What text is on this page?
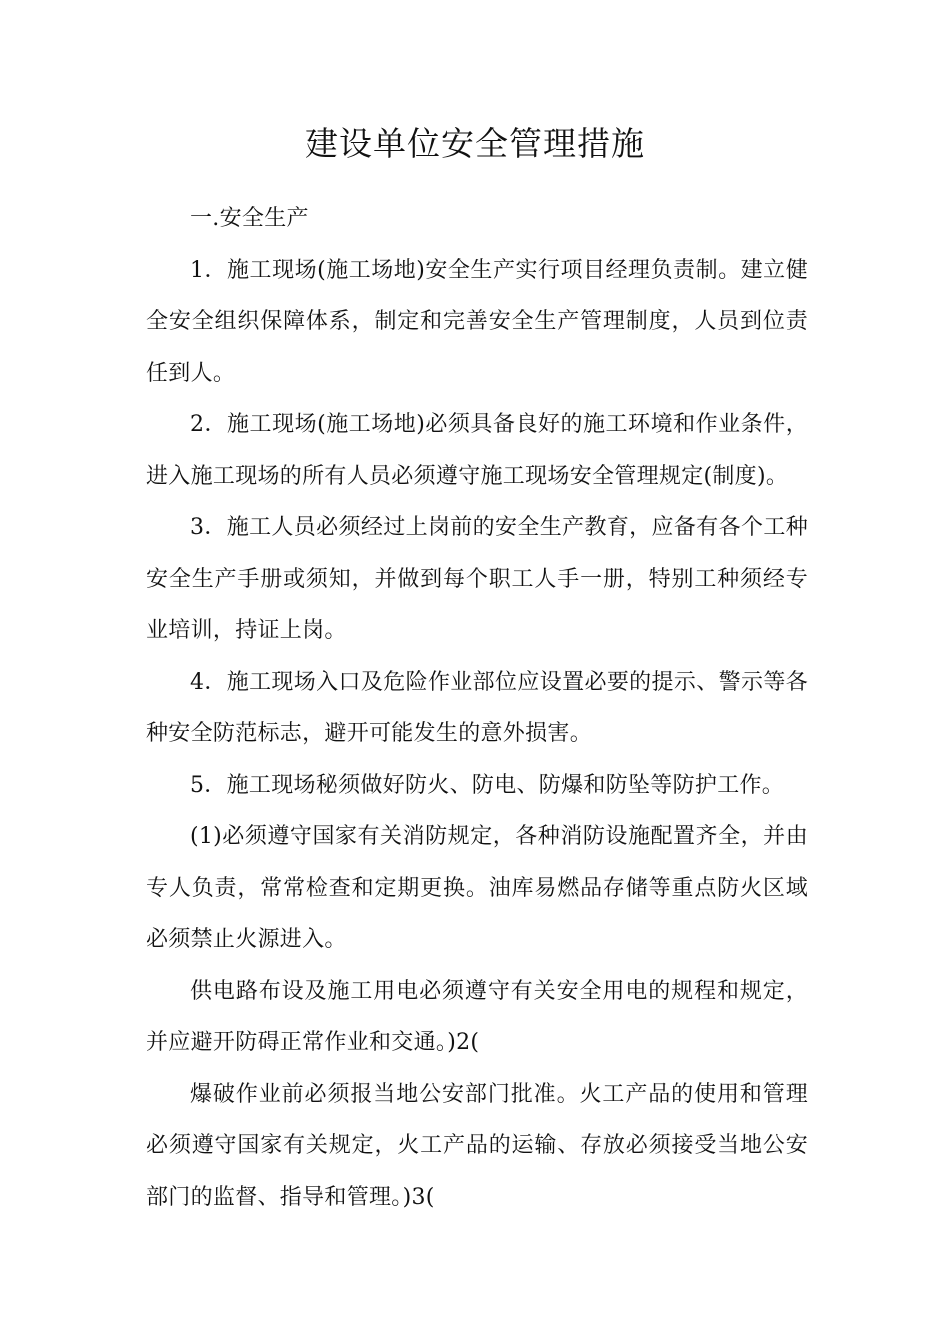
建设单位安全管理措施

一.安全生产

1．施工现场(施工场地)安全生产实行项目经理负责制。建立健全安全组织保障体系，制定和完善安全生产管理制度，人员到位责任到人。

2．施工现场(施工场地)必须具备良好的施工环境和作业条件，进入施工现场的所有人员必须遵守施工现场安全管理规定(制度)。

3．施工人员必须经过上岗前的安全生产教育，应备有各个工种安全生产手册或须知，并做到每个职工人手一册，特别工种须经专业培训，持证上岗。

4．施工现场入口及危险作业部位应设置必要的提示、警示等各种安全防范标志，避开可能发生的意外损害。

5．施工现场秘须做好防火、防电、防爆和防坠等防护工作。

(1)必须遵守国家有关消防规定，各种消防设施配置齐全，并由专人负责，常常检查和定期更换。油库易燃品存储等重点防火区域必须禁止火源进入。

供电路布设及施工用电必须遵守有关安全用电的规程和规定，并应避开防碍正常作业和交通。)2(

爆破作业前必须报当地公安部门批准。火工产品的使用和管理必须遵守国家有关规定，火工产品的运输、存放必须接受当地公安部门的监督、指导和管理。)3(
